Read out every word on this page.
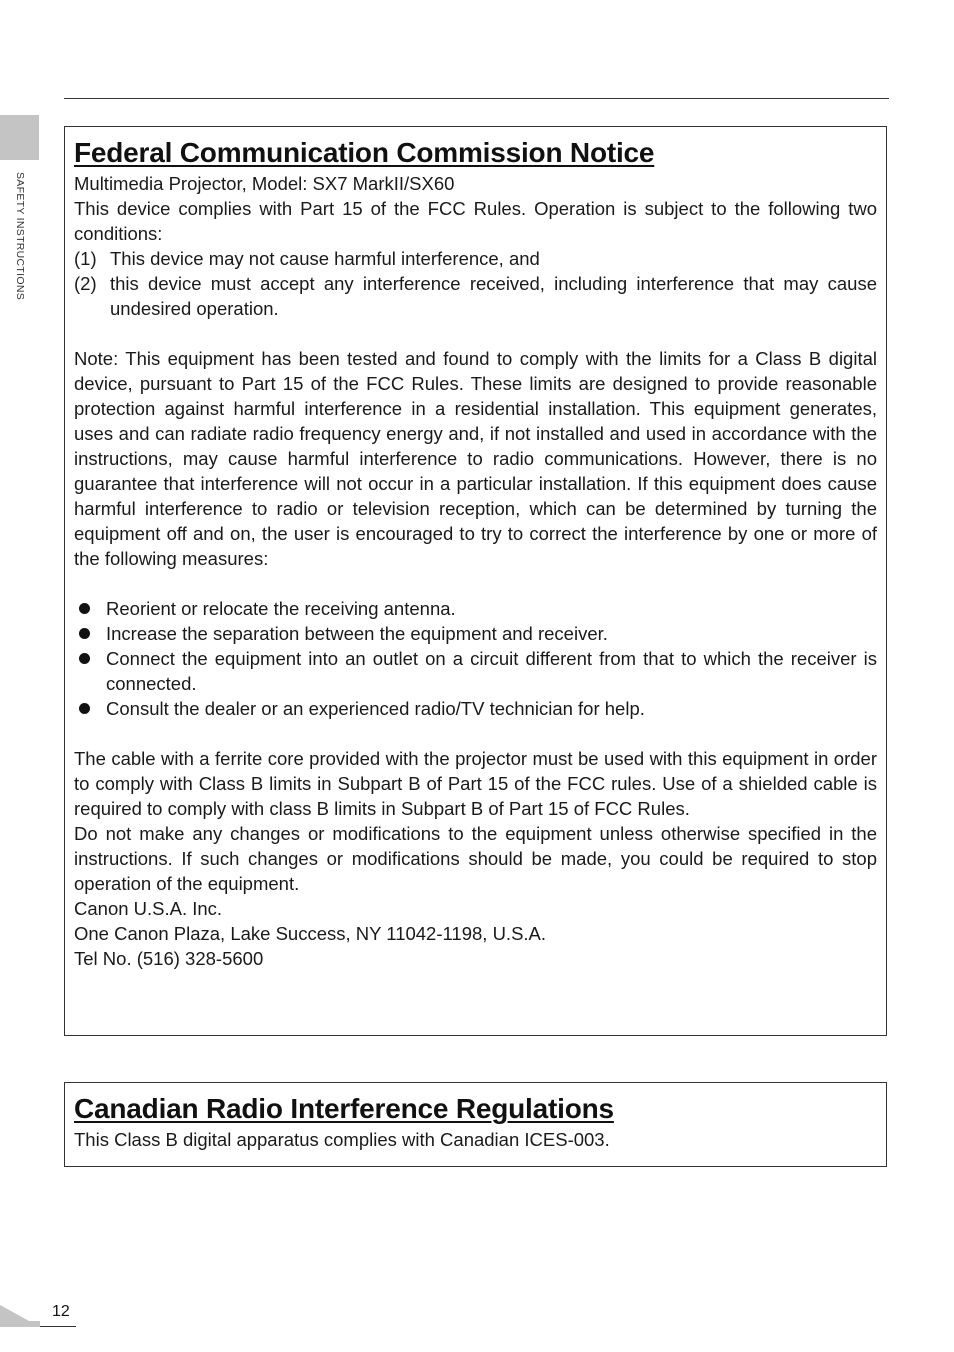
SAFETY INSTRUCTIONS
Federal Communication Commission Notice

Multimedia Projector, Model: SX7 MarkII/SX60

This device complies with Part 15 of the FCC Rules. Operation is subject to the following two conditions:

(1) This device may not cause harmful interference, and
(2) this device must accept any interference received, including interference that may cause undesired operation.

Note: This equipment has been tested and found to comply with the limits for a Class B digital device, pursuant to Part 15 of the FCC Rules. These limits are designed to provide reasonable protection against harmful interference in a residential installation. This equipment generates, uses and can radiate radio frequency energy and, if not installed and used in accordance with the instructions, may cause harmful interference to radio communications. However, there is no guarantee that interference will not occur in a particular installation. If this equipment does cause harmful interference to radio or television reception, which can be determined by turning the equipment off and on, the user is encouraged to try to correct the interference by one or more of the following measures:

Reorient or relocate the receiving antenna.
Increase the separation between the equipment and receiver.
Connect the equipment into an outlet on a circuit different from that to which the receiver is connected.
Consult the dealer or an experienced radio/TV technician for help.

The cable with a ferrite core provided with the projector must be used with this equipment in order to comply with Class B limits in Subpart B of Part 15 of the FCC rules. Use of a shielded cable is required to comply with class B limits in Subpart B of Part 15 of FCC Rules.

Do not make any changes or modifications to the equipment unless otherwise specified in the instructions. If such changes or modifications should be made, you could be required to stop operation of the equipment.

Canon U.S.A. Inc.

One Canon Plaza, Lake Success, NY 11042-1198, U.S.A.

Tel No. (516) 328-5600

Canadian Radio Interference Regulations

This Class B digital apparatus complies with Canadian ICES-003.

12
